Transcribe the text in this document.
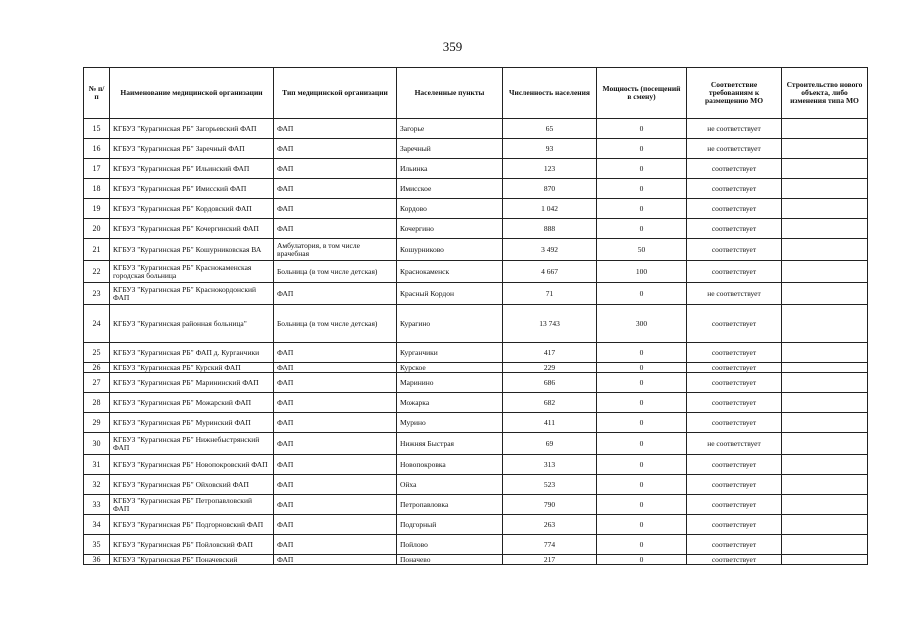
359
№ п/п	Наименование медицинской организации	Тип медицинской организации	Населенные пункты	Численность населения	Мощность (посещений в смену)	Соответствие требованиям к размещению МО	Строительство нового объекта, либо изменения типа МО
15	КГБУЗ "Курагинская РБ" Загорьевский ФАП	ФАП	Загорье	65	0	не соответствует	
16	КГБУЗ "Курагинская РБ" Заречный ФАП	ФАП	Заречный	93	0	не соответствует	
17	КГБУЗ "Курагинская РБ" Ильинский ФАП	ФАП	Ильинка	123	0	соответствует	
18	КГБУЗ "Курагинская РБ" Имисский ФАП	ФАП	Имисское	870	0	соответствует	
19	КГБУЗ "Курагинская РБ" Кордовский ФАП	ФАП	Кордово	1 042	0	соответствует	
20	КГБУЗ "Курагинская РБ" Кочергинский ФАП	ФАП	Кочергино	888	0	соответствует	
21	КГБУЗ "Курагинская РБ" Кошурниковская ВА	Амбулатория, в том числе врачебная	Кошурниково	3 492	50	соответствует	
22	КГБУЗ "Курагинская РБ" Краснокаменская городская больница	Больница (в том числе детская)	Краснокаменск	4 667	100	соответствует	
23	КГБУЗ "Курагинская РБ" Краснокордонский ФАП	ФАП	Красный Кордон	71	0	не соответствует	
24	КГБУЗ "Курагинская районная больница"	Больница (в том числе детская)	Курагино	13 743	300	соответствует	
25	КГБУЗ "Курагинская РБ" ФАП д. Курганчики	ФАП	Курганчики	417	0	соответствует	
26	КГБУЗ "Курагинская РБ" Курский ФАП	ФАП	Курское	229	0	соответствует	
27	КГБУЗ "Курагинская РБ" Марининский ФАП	ФАП	Маринино	686	0	соответствует	
28	КГБУЗ "Курагинская РБ" Можарский ФАП	ФАП	Можарка	682	0	соответствует	
29	КГБУЗ "Курагинская РБ" Муринский ФАП	ФАП	Мурино	411	0	соответствует	
30	КГБУЗ "Курагинская РБ" Нижнебыстрянский ФАП	ФАП	Нижняя Быстрая	69	0	не соответствует	
31	КГБУЗ "Курагинская РБ" Новопокровский ФАП	ФАП	Новопокровка	313	0	соответствует	
32	КГБУЗ "Курагинская РБ" Ойховский ФАП	ФАП	Ойха	523	0	соответствует	
33	КГБУЗ "Курагинская РБ" Петропавловский ФАП	ФАП	Петропавловка	790	0	соответствует	
34	КГБУЗ "Курагинская РБ" Подгорновский ФАП	ФАП	Подгорный	263	0	соответствует	
35	КГБУЗ "Курагинская РБ" Пойловский ФАП	ФАП	Пойлово	774	0	соответствует	
36	КГБУЗ "Курагинская РБ" Поначевский	ФАП	Поначево	217	0	соответствует	
